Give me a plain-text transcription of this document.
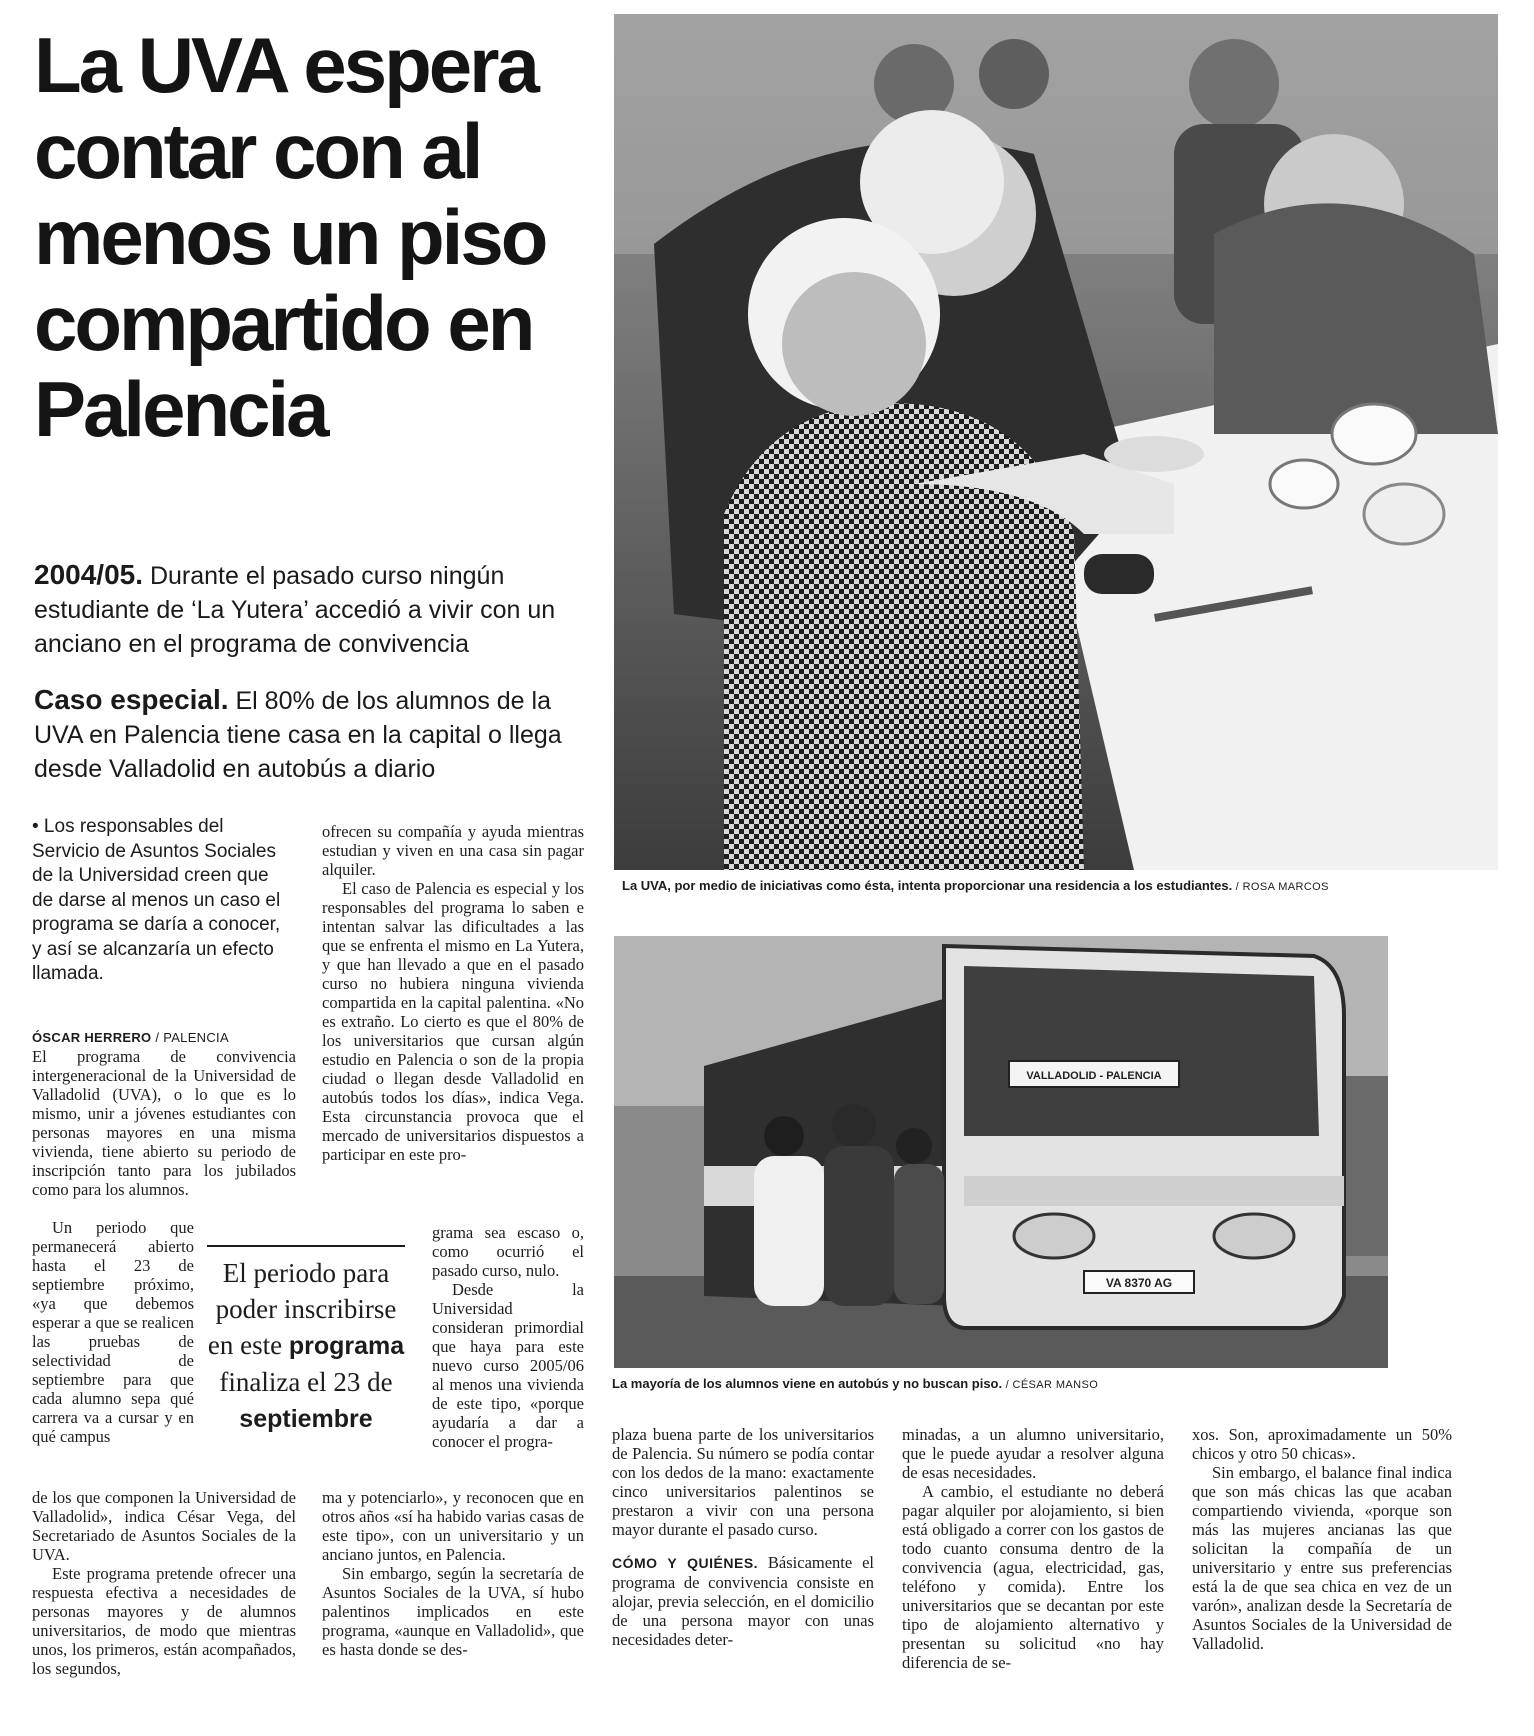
La UVA espera contar con al menos un piso compartido en Palencia
2004/05. Durante el pasado curso ningún estudiante de ‘La Yutera’ accedió a vivir con un anciano en el programa de convivencia
Caso especial. El 80% de los alumnos de la UVA en Palencia tiene casa en la capital o llega desde Valladolid en autobús a diario
• Los responsables del Servicio de Asuntos Sociales de la Universidad creen que de darse al menos un caso el programa se daría a conocer, y así se alcanzaría un efecto llamada.
ÓSCAR HERRERO / PALENCIA

El programa de convivencia intergeneracional de la Universidad de Valladolid (UVA), o lo que es lo mismo, unir a jóvenes estudiantes con personas mayores en una misma vivienda, tiene abierto su periodo de inscripción tanto para los jubilados como para los alumnos.

Un periodo que permanecerá abierto hasta el 23 de septiembre próximo, «ya que debemos esperar a que se realicen las pruebas de selectividad de septiembre para que cada alumno sepa qué carrera va a cursar y en qué campus

de los que componen la Universidad de Valladolid», indica César Vega, del Secretariado de Asuntos Sociales de la UVA.

Este programa pretende ofrecer una respuesta efectiva a necesidades de personas mayores y de alumnos universitarios, de modo que mientras unos, los primeros, están acompañados, los segundos,

El periodo para poder inscribirse en este programa finaliza el 23 de septiembre

ofrecen su compañía y ayuda mientras estudian y viven en una casa sin pagar alquiler.

El caso de Palencia es especial y los responsables del programa lo saben e intentan salvar las dificultades a las que se enfrenta el mismo en La Yutera, y que han llevado a que en el pasado curso no hubiera ninguna vivienda compartida en la capital palentina. «No es extraño. Lo cierto es que el 80% de los universitarios que cursan algún estudio en Palencia o son de la propia ciudad o llegan desde Valladolid en autobús todos los días», indica Vega. Esta circunstancia provoca que el mercado de universitarios dispuestos a participar en este pro-

grama sea escaso o, como ocurrió el pasado curso, nulo.

Desde la Universidad consideran primordial que haya para este nuevo curso 2005/06 al menos una vivienda de este tipo, «porque ayudaría a dar a conocer el progra-

ma y potenciarlo», y reconocen que en otros años «sí ha habido varias casas de este tipo», con un universitario y un anciano juntos, en Palencia.

Sin embargo, según la secretaría de Asuntos Sociales de la UVA, sí hubo palentinos implicados en este programa, «aunque en Valladolid», que es hasta donde se des-

La UVA, por medio de iniciativas como ésta, intenta proporcionar una residencia a los estudiantes. / ROSA MARCOS
VALLADOLID - PALENCIA
VA 8370 AG
La mayoría de los alumnos viene en autobús y no buscan piso. / CÉSAR MANSO

plaza buena parte de los universitarios de Palencia. Su número se podía contar con los dedos de la mano: exactamente cinco universitarios palentinos se prestaron a vivir con una persona mayor durante el pasado curso.

CÓMO Y QUIÉNES. Básicamente el programa de convivencia consiste en alojar, previa selección, en el domicilio de una persona mayor con unas necesidades deter-

minadas, a un alumno universitario, que le puede ayudar a resolver alguna de esas necesidades.

A cambio, el estudiante no deberá pagar alquiler por alojamiento, si bien está obligado a correr con los gastos de todo cuanto consuma dentro de la convivencia (agua, electricidad, gas, teléfono y comida). Entre los universitarios que se decantan por este tipo de alojamiento alternativo y presentan su solicitud «no hay diferencia de se-

xos. Son, aproximadamente un 50% chicos y otro 50 chicas».

Sin embargo, el balance final indica que son más chicas las que acaban compartiendo vivienda, «porque son más las mujeres ancianas las que solicitan la compañía de un universitario y entre sus preferencias está la de que sea chica en vez de un varón», analizan desde la Secretaría de Asuntos Sociales de la Universidad de Valladolid.
